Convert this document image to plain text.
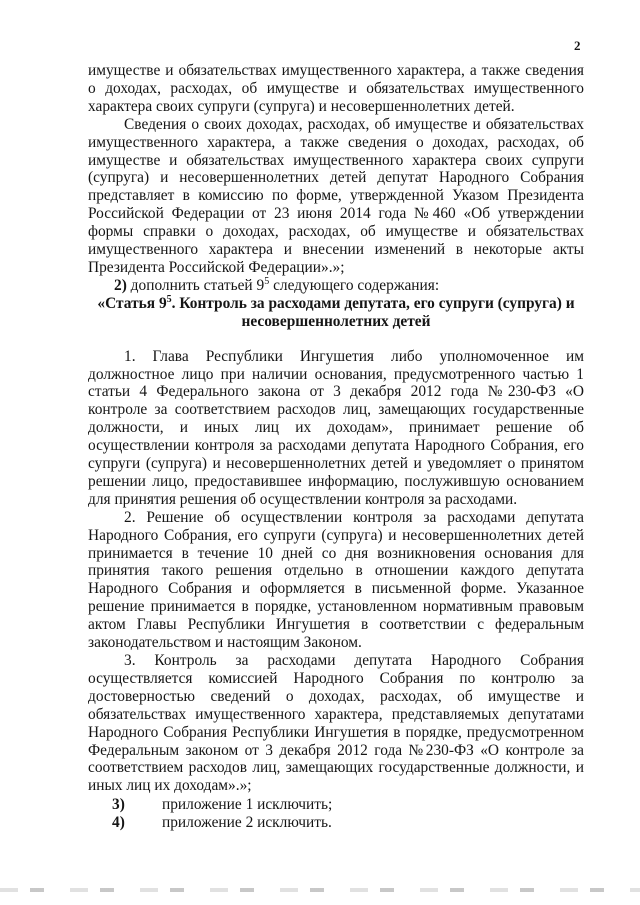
2

имуществе и обязательствах имущественного характера, а также сведения о доходах, расходах, об имуществе и обязательствах имущественного характера своих супруги (супруга) и несовершеннолетних детей.

Сведения о своих доходах, расходах, об имуществе и обязательствах имущественного характера, а также сведения о доходах, расходах, об имуществе и обязательствах имущественного характера своих супруги (супруга) и несовершеннолетних детей депутат Народного Собрания представляет в комиссию по форме, утвержденной Указом Президента Российской Федерации от 23 июня 2014 года №460 «Об утверждении формы справки о доходах, расходах, об имуществе и обязательствах имущественного характера и внесении изменений в некоторые акты Президента Российской Федерации».»;

2) дополнить статьей $9^5$ следующего содержания:

«Статья $9^5$. Контроль за расходами депутата, его супруги (супруга) и несовершеннолетних детей

1. Глава Республики Ингушетия либо уполномоченное им должностное лицо при наличии основания, предусмотренного частью 1 статьи 4 Федерального закона от 3 декабря 2012 года №230-ФЗ «О контроле за соответствием расходов лиц, замещающих государственные должности, и иных лиц их доходам», принимает решение об осуществлении контроля за расходами депутата Народного Собрания, его супруги (супруга) и несовершеннолетних детей и уведомляет о принятом решении лицо, предоставившее информацию, послужившую основанием для принятия решения об осуществлении контроля за расходами.

2. Решение об осуществлении контроля за расходами депутата Народного Собрания, его супруги (супруга) и несовершеннолетних детей принимается в течение 10 дней со дня возникновения основания для принятия такого решения отдельно в отношении каждого депутата Народного Собрания и оформляется в письменной форме. Указанное решение принимается в порядке, установленном нормативным правовым актом Главы Республики Ингушетия в соответствии с федеральным законодательством и настоящим Законом.

3. Контроль за расходами депутата Народного Собрания осуществляется комиссией Народного Собрания по контролю за достоверностью сведений о доходах, расходах, об имуществе и обязательствах имущественного характера, представляемых депутатами Народного Собрания Республики Ингушетия в порядке, предусмотренном Федеральным законом от 3 декабря 2012 года №230-ФЗ «О контроле за соответствием расходов лиц, замещающих государственные должности, и иных лиц их доходам».»;

3)	приложение 1 исключить;
4)	приложение 2 исключить.
